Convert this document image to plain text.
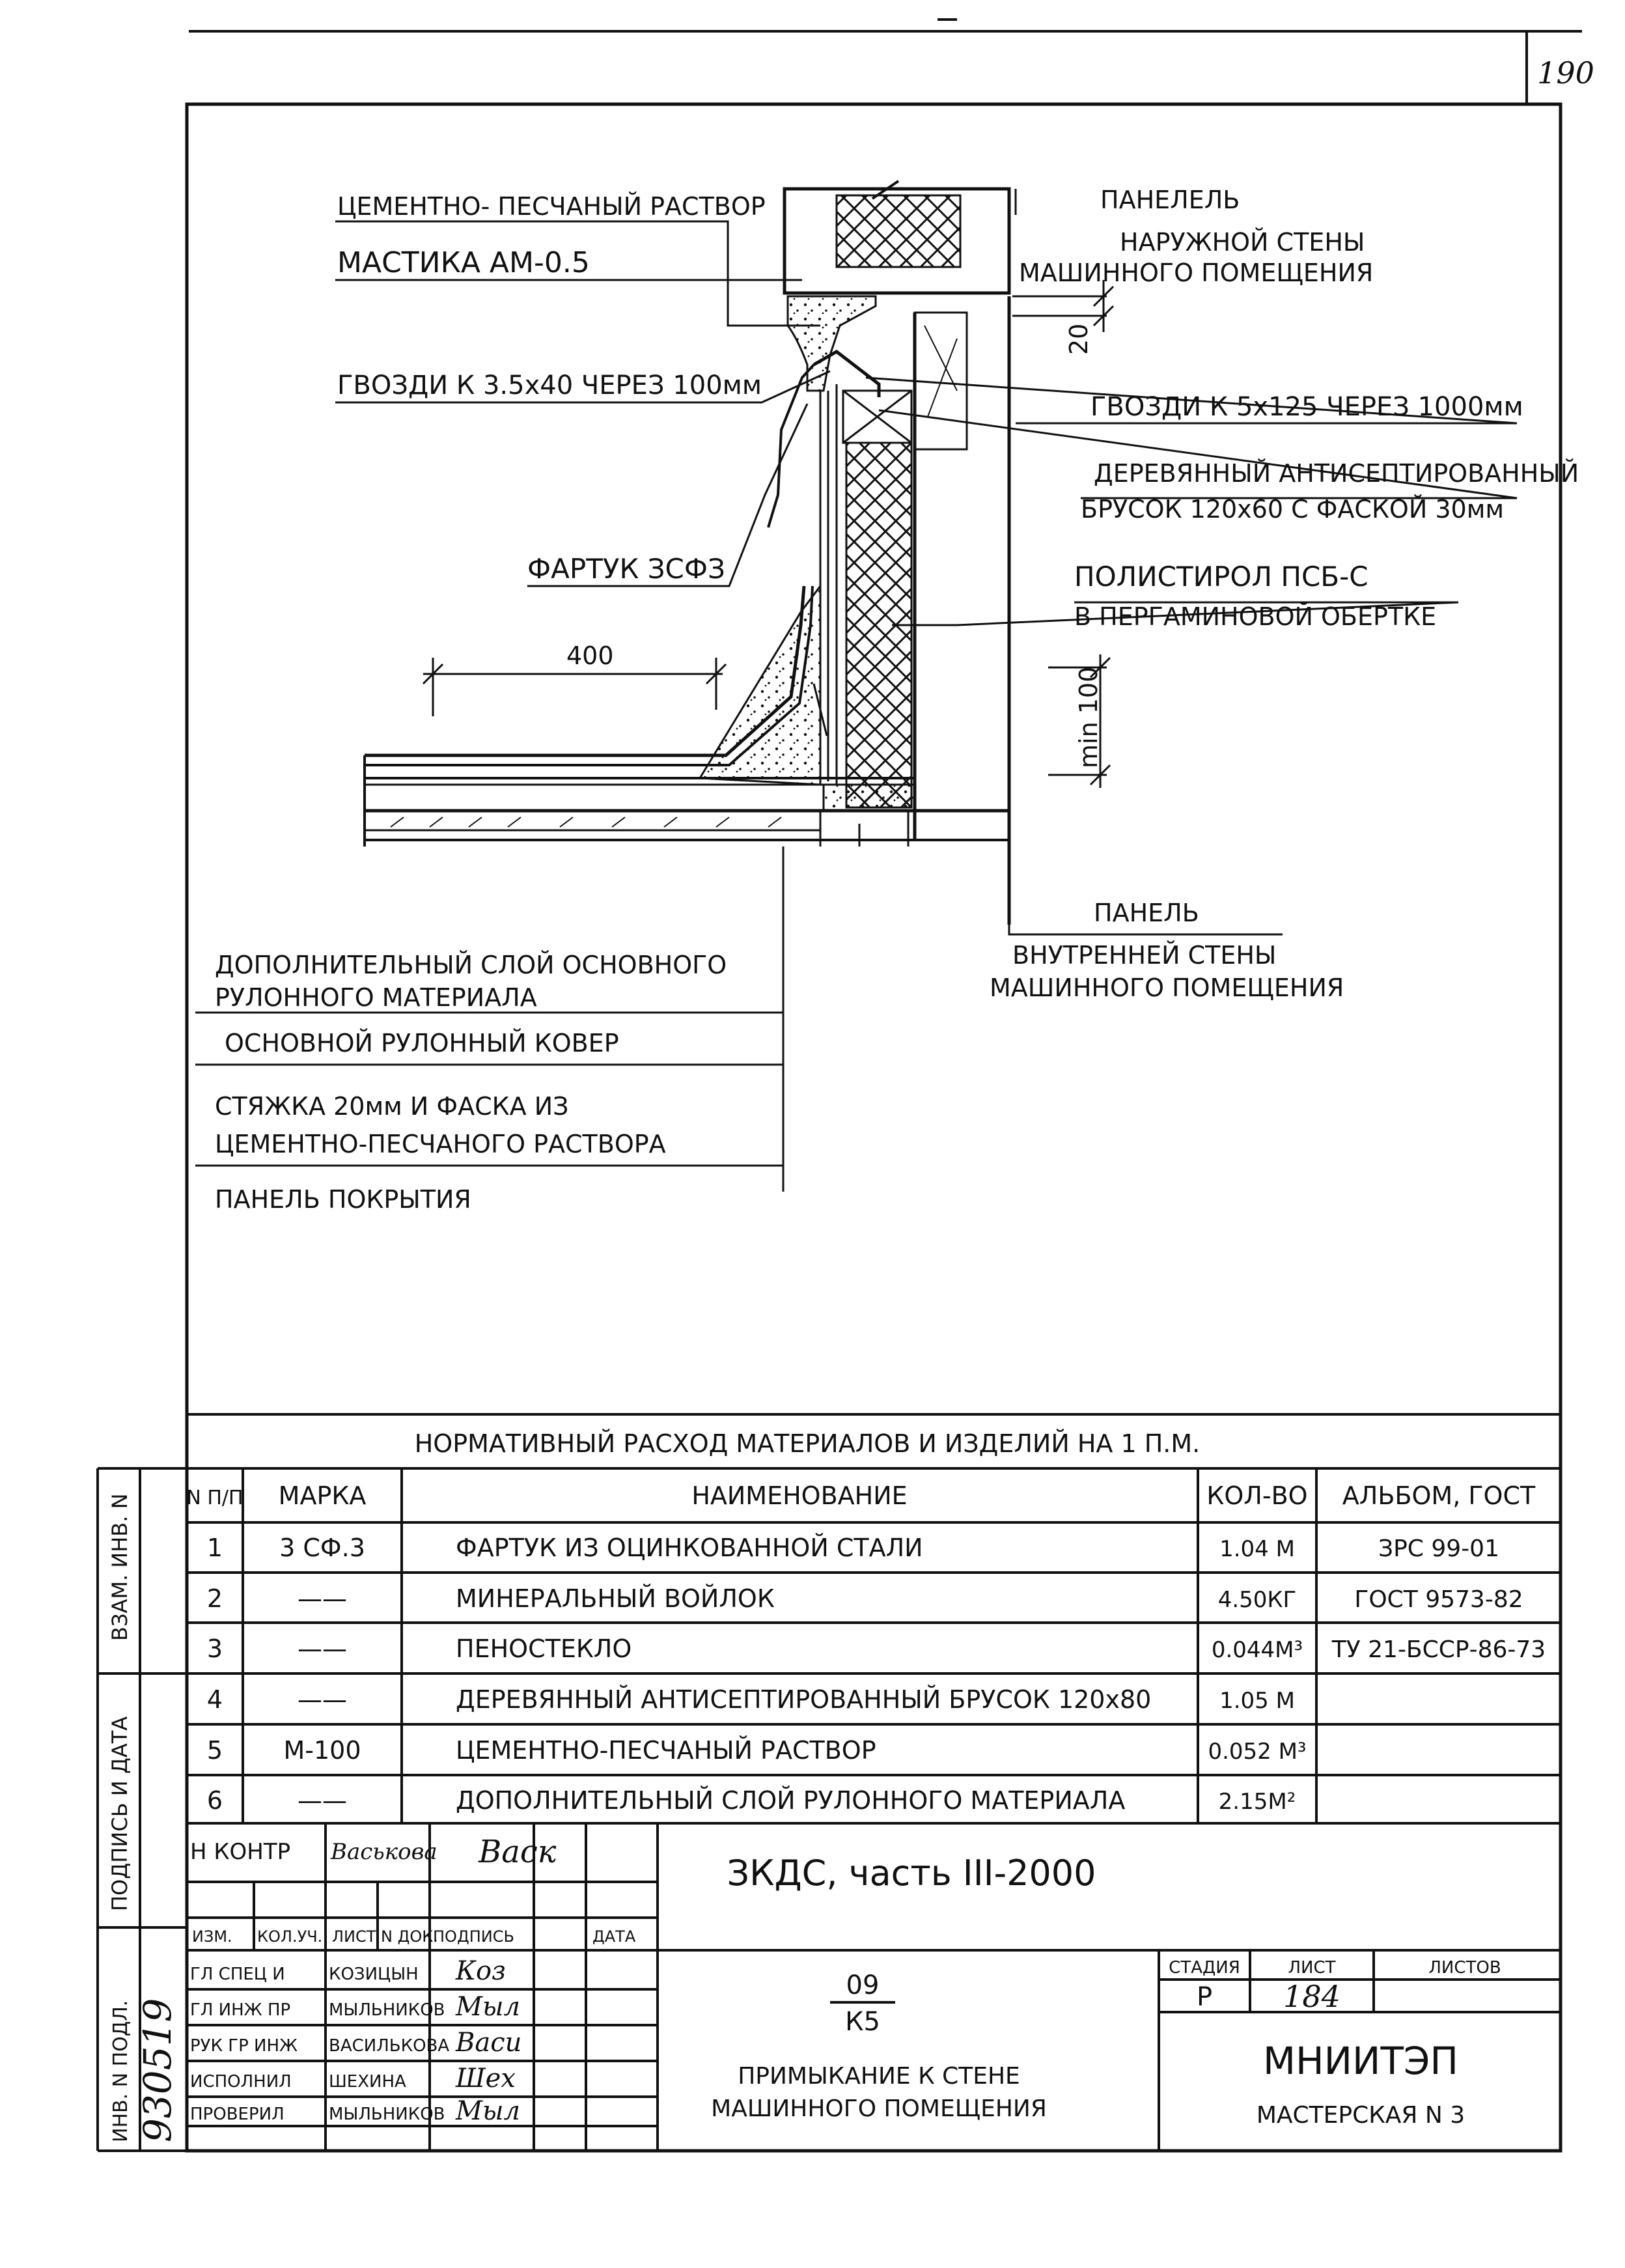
190
ЦЕМЕНТНО- ПЕСЧАНЫЙ РАСТВОР
МАСТИКА АМ-0.5
ГВОЗДИ К 3.5x40 ЧЕРЕЗ 100мм
ФАРТУК ЗСФЗ
400
ПАНЕЛЕЛЬ
НАРУЖНОЙ СТЕНЫ
МАШИННОГО ПОМЕЩЕНИЯ
20
ГВОЗДИ К 5x125 ЧЕРЕЗ 1000мм
ДЕРЕВЯННЫЙ АНТИСЕПТИРОВАННЫЙ
БРУСОК 120x60 С ФАСКОЙ 30мм
ПОЛИСТИРОЛ ПСБ-С
В ПЕРГАМИНОВОЙ ОБЕРТКЕ
min 100
ПАНЕЛЬ
ВНУТРЕННЕЙ СТЕНЫ
МАШИННОГО ПОМЕЩЕНИЯ
ДОПОЛНИТЕЛЬНЫЙ СЛОЙ ОСНОВНОГО
РУЛОННОГО МАТЕРИАЛА
ОСНОВНОЙ РУЛОННЫЙ КОВЕР
СТЯЖКА 20мм И ФАСКА ИЗ
ЦЕМЕНТНО-ПЕСЧАНОГО РАСТВОРА
ПАНЕЛЬ ПОКРЫТИЯ
НОРМАТИВНЫЙ РАСХОД МАТЕРИАЛОВ И ИЗДЕЛИЙ НА 1 П.М.
N П/П МАРКА	НАИМЕНОВАНИЕ	КОЛ-ВО АЛЬБОМ, ГОСТ
1 3 СФ.3	ФАРТУК ИЗ ОЦИНКОВАННОЙ СТАЛИ	1.04 М	ЗРС 99-01
2	——	МИНЕРАЛЬНЫЙ ВОЙЛОК	4.50КГ ГОСТ 9573-82
3	——	ПЕНОСТЕКЛО	0.044М³ ТУ 21-БССР-86-73
4	——	ДЕРЕВЯННЫЙ АНТИСЕПТИРОВАННЫЙ БРУСОК 120x80	1.05 М
5 М-100	ЦЕМЕНТНО-ПЕСЧАНЫЙ РАСТВОР	0.052 М³
6	——	ДОПОЛНИТЕЛЬНЫЙ СЛОЙ РУЛОННОГО МАТЕРИАЛА	2.15М²
ВЗАМ. ИНВ. N
ПОДПИСЬ И ДАТА
ИНВ. N ПОДЛ. 930519
Н КОНТР Васькова Васк
ЗКДС, часть III-2000
ИЗМ. КОЛ.УЧ. ЛИСТ N ДОК.
ПОДПИСЬ	ДАТА
ГЛ СПЕЦ И	КОЗИЦЫН Коз
ГЛ ИНЖ ПР МЫЛЬНИКОВ Мыл
РУК ГР ИНЖ ВАСИЛЬКОВА Васи
ИСПОЛНИЛ ШЕХИНА Шех
ПРОВЕРИЛ	МЫЛЬНИКОВ Мыл
09
К5
ПРИМЫКАНИЕ К СТЕНЕ
МАШИННОГО ПОМЕЩЕНИЯ
СТАДИЯ	ЛИСТ	ЛИСТОВ
Р 184
МНИИТЭП
МАСТЕРСКАЯ N 3
